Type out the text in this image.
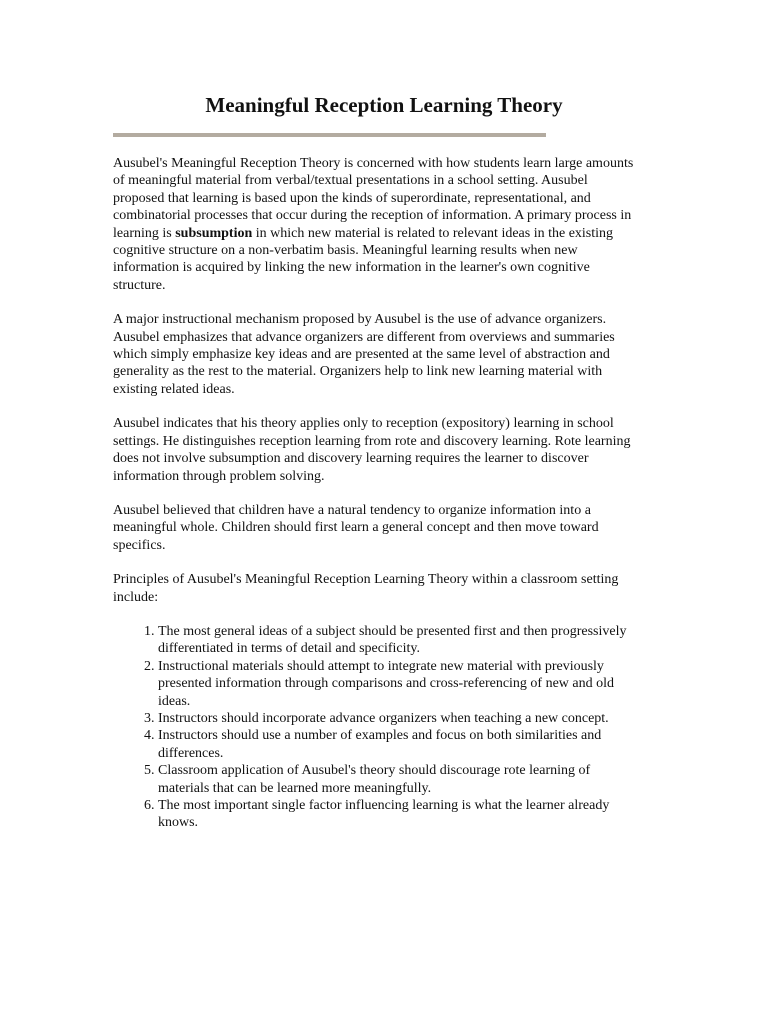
Meaningful Reception Learning Theory

Ausubel's Meaningful Reception Theory is concerned with how students learn large amounts of meaningful material from verbal/textual presentations in a school setting. Ausubel proposed that learning is based upon the kinds of superordinate, representational, and combinatorial processes that occur during the reception of information. A primary process in learning is subsumption in which new material is related to relevant ideas in the existing cognitive structure on a non-verbatim basis. Meaningful learning results when new information is acquired by linking the new information in the learner's own cognitive structure.

A major instructional mechanism proposed by Ausubel is the use of advance organizers. Ausubel emphasizes that advance organizers are different from overviews and summaries which simply emphasize key ideas and are presented at the same level of abstraction and generality as the rest to the material. Organizers help to link new learning material with existing related ideas.

Ausubel indicates that his theory applies only to reception (expository) learning in school settings. He distinguishes reception learning from rote and discovery learning. Rote learning does not involve subsumption and discovery learning requires the learner to discover information through problem solving.

Ausubel believed that children have a natural tendency to organize information into a meaningful whole. Children should first learn a general concept and then move toward specifics.

Principles of Ausubel's Meaningful Reception Learning Theory within a classroom setting include:

1. The most general ideas of a subject should be presented first and then progressively differentiated in terms of detail and specificity.
2. Instructional materials should attempt to integrate new material with previously presented information through comparisons and cross-referencing of new and old ideas.
3. Instructors should incorporate advance organizers when teaching a new concept.
4. Instructors should use a number of examples and focus on both similarities and differences.
5. Classroom application of Ausubel's theory should discourage rote learning of materials that can be learned more meaningfully.
6. The most important single factor influencing learning is what the learner already knows.
